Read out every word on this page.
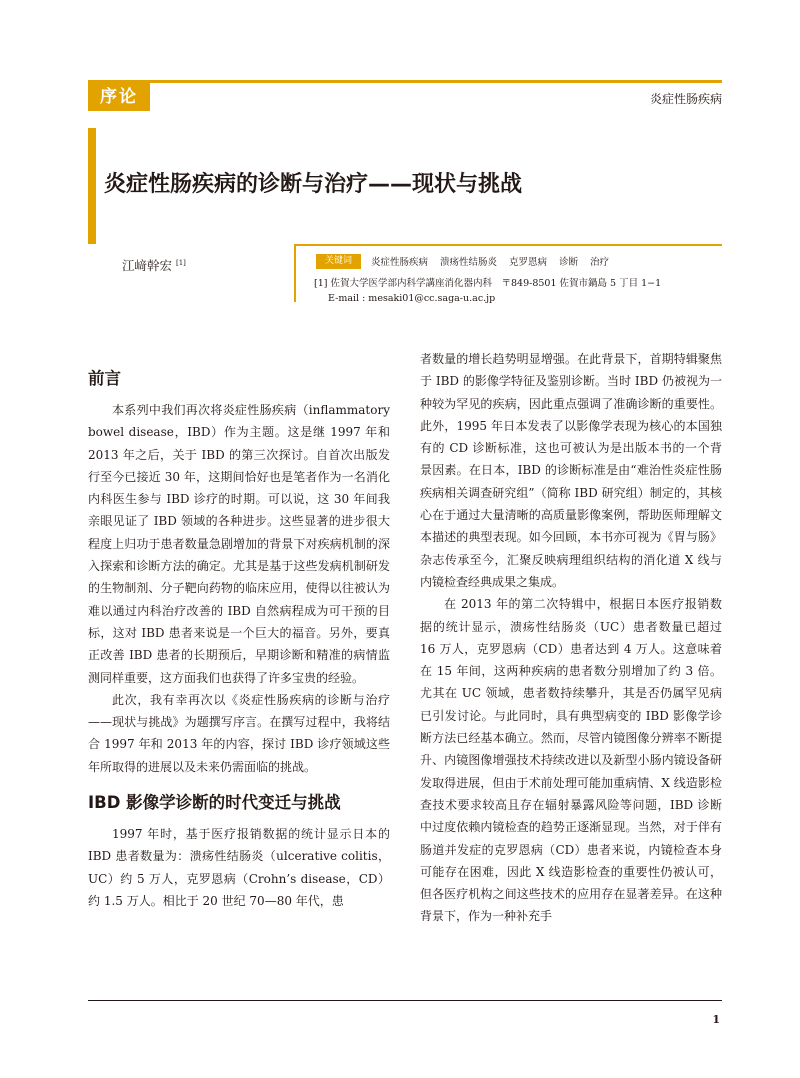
序论	炎症性肠疾病
炎症性肠疾病的诊断与治疗——现状与挑战
江﨑幹宏 [1]	关键词	炎症性肠疾病 溃疡性结肠炎 克罗恩病 诊断 治疗
[1] 佐賀大学医学部内科学講座消化器内科　〒849-8501 佐賀市鍋島 5 丁目 1−1
E-mail : mesaki01@cc.saga-u.ac.jp
前言

本系列中我们再次将炎症性肠疾病（inflammatory bowel disease，IBD）作为主题。这是继 1997 年和 2013 年之后，关于 IBD 的第三次探讨。自首次出版发行至今已接近 30 年，这期间恰好也是笔者作为一名消化内科医生参与 IBD 诊疗的时期。可以说，这 30 年间我亲眼见证了 IBD 领域的各种进步。这些显著的进步很大程度上归功于患者数量急剧增加的背景下对疾病机制的深入探索和诊断方法的确定。尤其是基于这些发病机制研发的生物制剂、分子靶向药物的临床应用，使得以往被认为难以通过内科治疗改善的 IBD 自然病程成为可干预的目标，这对 IBD 患者来说是一个巨大的福音。另外，要真正改善 IBD 患者的长期预后，早期诊断和精准的病情监测同样重要，这方面我们也获得了许多宝贵的经验。

此次，我有幸再次以《炎症性肠疾病的诊断与治疗——现状与挑战》为题撰写序言。在撰写过程中，我将结合 1997 年和 2013 年的内容，探讨 IBD 诊疗领域这些年所取得的进展以及未来仍需面临的挑战。

IBD 影像学诊断的时代变迁与挑战

1997 年时，基于医疗报销数据的统计显示日本的 IBD 患者数量为：溃疡性结肠炎（ulcerative colitis，UC）约 5 万人，克罗恩病（Crohn’s disease，CD）约 1.5 万人。相比于 20 世纪 70—80 年代，患

者数量的增长趋势明显增强。在此背景下，首期特辑聚焦于 IBD 的影像学特征及鉴别诊断。当时 IBD 仍被视为一种较为罕见的疾病，因此重点强调了准确诊断的重要性。此外，1995 年日本发表了以影像学表现为核心的本国独有的 CD 诊断标准，这也可被认为是出版本书的一个背景因素。在日本，IBD 的诊断标准是由“难治性炎症性肠疾病相关调查研究组”（简称 IBD 研究组）制定的，其核心在于通过大量清晰的高质量影像案例，帮助医师理解文本描述的典型表现。如今回顾，本书亦可视为《胃与肠》杂志传承至今，汇聚反映病理组织结构的消化道 X 线与内镜检查经典成果之集成。

在 2013 年的第二次特辑中，根据日本医疗报销数据的统计显示，溃疡性结肠炎（UC）患者数量已超过 16 万人，克罗恩病（CD）患者达到 4 万人。这意味着在 15 年间，这两种疾病的患者数分别增加了约 3 倍。尤其在 UC 领域，患者数持续攀升，其是否仍属罕见病已引发讨论。与此同时，具有典型病变的 IBD 影像学诊断方法已经基本确立。然而，尽管内镜图像分辨率不断提升、内镜图像增强技术持续改进以及新型小肠内镜设备研发取得进展，但由于术前处理可能加重病情、X 线造影检查技术要求较高且存在辐射暴露风险等问题，IBD 诊断中过度依赖内镜检查的趋势正逐渐显现。当然，对于伴有肠道并发症的克罗恩病（CD）患者来说，内镜检查本身可能存在困难，因此 X 线造影检查的重要性仍被认可，但各医疗机构之间这些技术的应用存在显著差异。在这种背景下，作为一种补充手

1
